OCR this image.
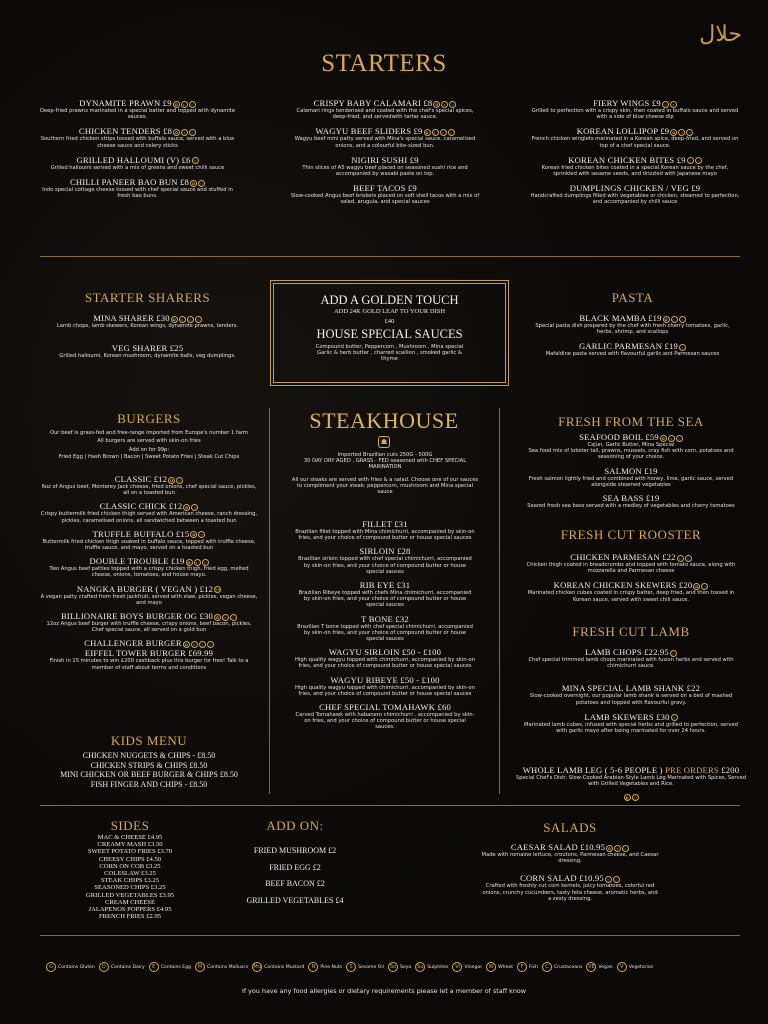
حلال
STARTERS
DYNAMITE PRAWN £9 ✿ ◐ ○
Deep-fried prawns marinated in a special batter and topped with dynamite sauces.
CHICKEN TENDERS £8 ✿ ◐ ○
Southern fried chicken strips tossed with buffalo sauce, served with a blue cheese sauce and celery sticks
GRILLED HALLOUMI (V) £6 ○
Grilled halloumi served with a mix of greens and sweet chilli sauce
CHILLI PANEER BAO BUN £8 ✿ ○
Indo special cottage cheese tossed with chef special sauce and stuffed in fresh bao buns.
CRISPY BABY CALAMARI £8 ✿ ◐ ○
Calamari rings tenderised and coated with the chef's special spices, deep-fried, and servedwith tartar sauce.
WAGYU BEEF SLIDERS £9 ✿ ◐ ○ ○
Wagyu beef mini patty served with Mina's special sauce, caramelised onions, and a colourful bite-sized bun.
NIGIRI SUSHI £9
Thin slices of A5 wagyu beef placed on seasoned sushi rice and accompanied by wasabi paste on top.
BEEF TACOS £9
Slow-cooked Angus beef briskets placed on soft shell tacos with a mix of salad, arugula, and special sauces
FIERY WINGS £9 ○ ◐
Grilled to perfection with a crispy skin, then coated in buffalo sauce and served with a side of blue cheese dip
KOREAN LOLLIPOP £9 ✿ ○ ○
French chicken winglets marinated in a Korean spice, deep-fried, and served on top of a chef special sauce.
KOREAN CHICKEN BITES £9 ○ ○
Korean fried chicken bites coated in a special Korean sauce by the chef, sprinkled with sesame seeds, and drizzled with Japanese mayo
DUMPLINGS CHICKEN / VEG £9
Handcrafted dumplings filled with vegetables or chicken, steamed to perfection, and accompanied by chilli sauce
STARTER SHARERS
MINA SHARER £30 ✿ ◐ ○ ○
Lamb chops, lamb skewers, Korean wings, dynamite prawns, tenders.
VEG SHARER £25
Grilled halloumi, Korean mushroom, dynamite balls, veg dumplings.
ADD A GOLDEN TOUCH
ADD 24K GOLD LEAF TO YOUR DISH
£40
HOUSE SPECIAL SAUCES
Compound butter, Peppercorn , Mushroom , Mina special Garlic & herb butter , charred scallion , smoked garlic & thyme
PASTA
BLACK MAMBA £19 ✿ ◐ ○
Special pasta dish prepared by the chef with fresh cherry tomatoes, garlic, herbs, shrimp, and scallops
GARLIC PARMESAN £19 ◐
Mafaldine pasta served with flavourful garlic and Parmesan sauces
BURGERS
Our beef is grass-fed and free-range imported from Europe's number 1 farm
All burgers are served with skin-on fries
Add on for 99p:
Fried Egg | Hash Brown | Bacon | Sweet Potato Fries | Steak Cut Chips
CLASSIC £12 ✿ ○
6oz of Angus beef, Monterey Jack cheese, fried onions, chef special sauce, pickles, all on a toasted bun
CLASSIC CHICK £12 ✿ ○
Crispy buttermilk fried chicken thigh served with American cheese, ranch dressing, pickles, caramelised onions, all sandwiched between a toasted bun
TRUFFLE BUFFALO £15 ✿ ○
Buttermilk fried chicken thigh soaked in buffalo sauce, topped with truffle cheese, truffle sauce, and mayo, served on a toasted bun
DOUBLE TROUBLE £19 ✿ ◐ ○
Two Angus beef patties topped with a crispy chicken thigh, fried egg, melted cheese, onions, tomatoes, and house mayo.
NANGKA BURGER ( VEGAN ) £12 VE
A vegan patty crafted from fresh jackfruit, served with slaw, pickles, vegan cheese, and mayo
BILLIONAIRE BOYS BURGER OG £30 ✿ ◐ ○
12oz Angus beef burger with truffle cheese, crispy onions, beef bacon, pickles, Chef special sauce, all served on a gold bun
CHALLENGER BURGER ✿ ◐ ○ ○
EIFFEL TOWER BURGER £69.99
Finish in 15 minutes to win £200 cashback plus this burger for free! Talk to a member of staff about terms and conditions
KIDS MENU
CHICKEN NUGGETS & CHIPS - £8.50
CHICKEN STRIPS & CHIPS £8.50
MINI CHICKEN OR BEEF BURGER & CHIPS £8.50
FISH FINGER AND CHIPS - £8.50
STEAKHOUSE
☗
Imported Brazilian cuts 250G - 500G
30 DAY DRY AGED , GRASS - FED seasoned with CHEF SPECIAL MARINATION
All our steaks are served with fries & a salad. Choose one of our sauces to compliment your steak: peppercorn, mushroom and Mina special sauce
FILLET £31
Brazilian fillet topped with Mina chimichurri, accompanied by skin-on fries, and your choice of compound butter or house special sauces
SIRLOIN £28
Brazilian sirloin topped with chef special chimichurri, accompanied by skin-on fries, and your choice of compound butter or house special sauces
RIB EYE £31
Brazilian Ribeye topped with chefs Mina chimichurri, accompanied by skin-on fries, and your choice of compound butter or house special sauces
T BONE £32
Brazilian T bone topped with chef special chimichurri, accompanied by skin-on fries, and your choice of compound butter or house special sauces
WAGYU SIRLOIN £50 - £100
High quality wagyu topped with chimichurri, accompanied by skin-on fries, and your choice of compound butter or house special sauces
WAGYU RIBEYE £50 - £100
High quality wagyu topped with chimichurri, accompanied by skin-on fries, and your choice of compound butter or house special sauces
CHEF SPECIAL TOMAHAWK £60
Carved Tomahawk with habanero chimichurri , accompanied by skin-on fries, and your choice of compound butter or house special sauces.
FRESH FROM THE SEA
SEAFOOD BOIL £59 ✿ ◐ ○
Cajun, Garlic Butter, Mina Special
Sea food mix of lobster tail, prawns, mussels, cray fish with corn, potatoes and seasoning of your choice.
SALMON £19
Fresh salmon lightly fried and combined with honey, lime, garlic sauce, served alongside steamed vegetables
SEA BASS £19
Seared fresh sea bass served with a medley of vegetables and cherry tomatoes
FRESH CUT ROOSTER
CHICKEN PARMESAN £22 ◐ ○
Chicken thigh coated in breadcrumbs and topped with tomato sauce, along with mozzarella and Parmesan cheese
KOREAN CHICKEN SKEWERS £20 ✿ ○
Marinated chicken cubes coated in crispy batter, deep fried, and then tossed in Korean sauce, served with sweet chili sauce.
FRESH CUT LAMB
LAMB CHOPS £22.95 ○
Chef special trimmed lamb chops marinated with fusion herbs and served with chimichurri sauce.
MINA SPECIAL LAMB SHANK £22
Slow-cooked overnight, our popular lamb shank is served on a bed of mashed potatoes and topped with flavourful gravy.
LAMB SKEWERS £30 ○
Marinated lamb cubes, infused with special herbs and grilled to perfection, served with garlic mayo after being marinated for over 24 hours.
WHOLE LAMB LEG ( 5-6 PEOPLE ) PRE ORDERS £200
Special Chef's Dish: Slow-Cooked Arabian-Style Lamb Leg Marinated with Spices, Served with Grilled Vegetables and Rice.
◐ ○
SIDES
MAC & CHEESE £4.95
CREAMY MASH £3.50
SWEET POTATO FRIES £3.70
CHEESY CHIPS £4.50
CORN ON COB £3.25
COLESLAW £3.25
STEAK CHIPS £3.25
SEASONED CHIPS £3.25
GRILLED VEGETABLES £3.95
CREAM CHEESE
JALAPENOS POPPERS £4.95
FRENCH FRIES £2.95
ADD ON:
FRIED MUSHROOM £2
FRIED EGG £2
BEEF BACON £2
GRILLED VEGETABLES £4
SALADS
CAESAR SALAD £10.95 ✿ ◐ ○
Made with romaine lettuce, croutons, Parmesan cheese, and Caesar dressing.
CORN SALAD £10.95 ◐ ○
Crafted with freshly cut corn kernels, juicy tomatoes, colorful red onions, crunchy cucumbers, tasty feta cheese, aromatic herbs, and a zesty dressing.
G	Contains Gluten	D	Contains Dairy	E	Contains Egg	M	Contains Molluscs Mu Contains Mustard	N	Pine Nuts	S	Sesame Oil	So Soya	Su Sulphites	Vi	Vinegar	W Wheat	F	Fish	C	Crustaceans	VE Vegan	V	Vegetarian
If you have any food allergies or dietary requirements please let a member of staff know
